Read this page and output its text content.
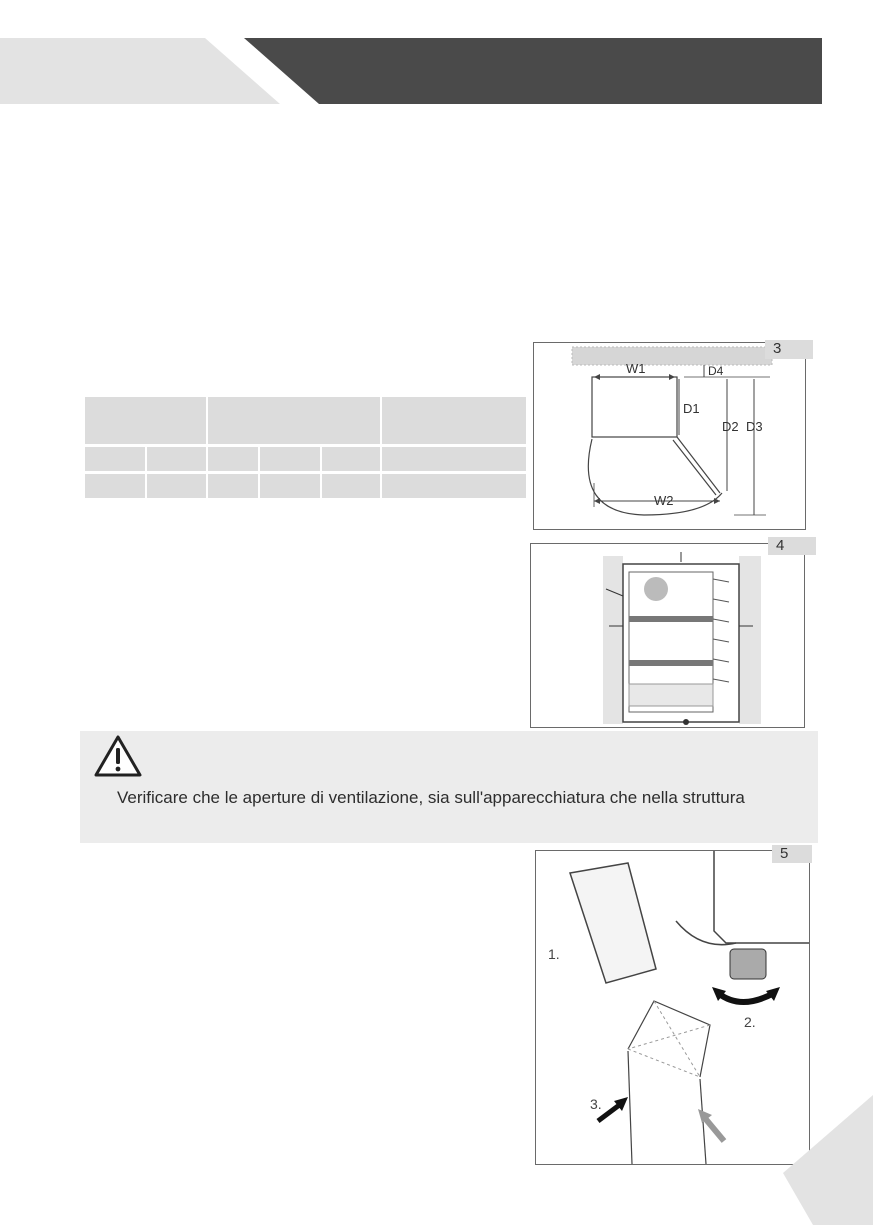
W1	D4
D1
D2 D3
W2
3
4
Verificare che le aperture di ventilazione, sia sull'apparecchiatura che nella struttura
1.
2.
3.
5
